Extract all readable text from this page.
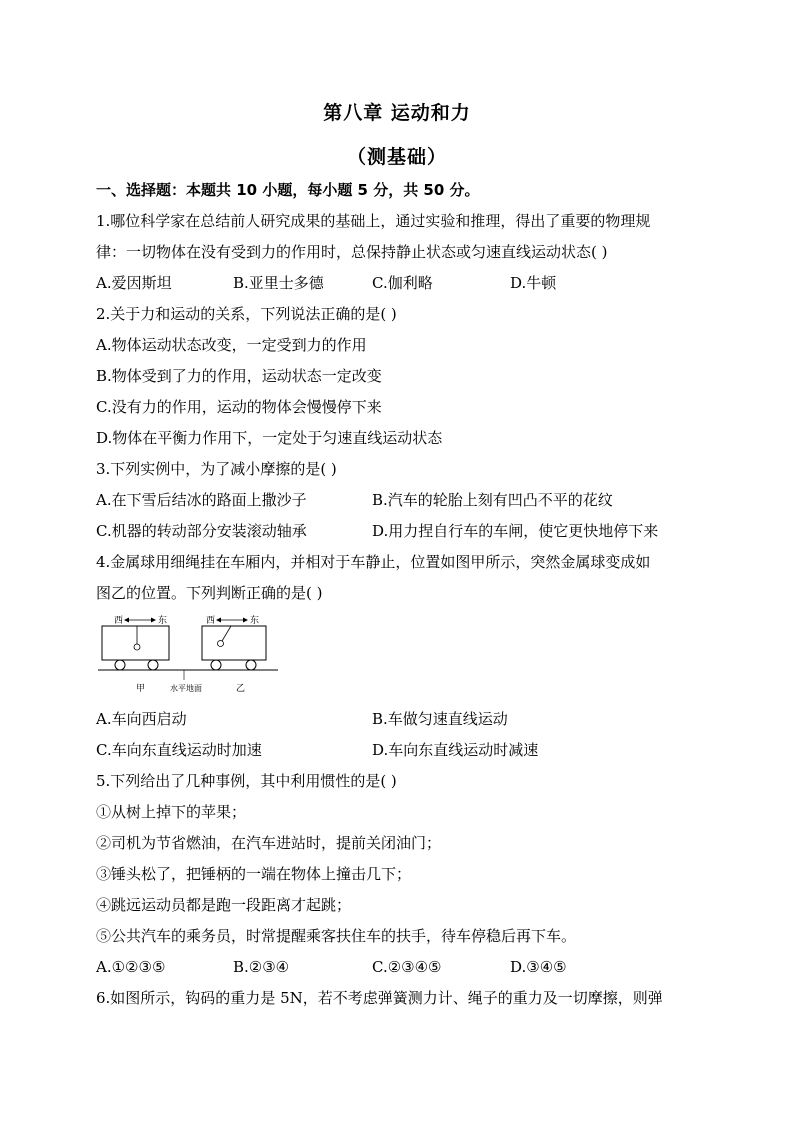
第八章 运动和力
（测基础）
一、选择题：本题共 10 小题，每小题 5 分，共 50 分。
1.哪位科学家在总结前人研究成果的基础上，通过实验和推理，得出了重要的物理规
律：一切物体在没有受到力的作用时，总保持静止状态或匀速直线运动状态( )
A.爱因斯坦	B.亚里士多德	C.伽利略	D.牛顿
2.关于力和运动的关系，下列说法正确的是( )
A.物体运动状态改变，一定受到力的作用
B.物体受到了力的作用，运动状态一定改变
C.没有力的作用，运动的物体会慢慢停下来
D.物体在平衡力作用下，一定处于匀速直线运动状态
3.下列实例中，为了减小摩擦的是( )
A.在下雪后结冰的路面上撒沙子	B.汽车的轮胎上刻有凹凸不平的花纹
C.机器的转动部分安装滚动轴承	D.用力捏自行车的车闸，使它更快地停下来
4.金属球用细绳挂在车厢内，并相对于车静止，位置如图甲所示，突然金属球变成如
图乙的位置。下列判断正确的是( )
西	东	西	东
甲	水平地面	乙
A.车向西启动	B.车做匀速直线运动
C.车向东直线运动时加速	D.车向东直线运动时减速
5.下列给出了几种事例，其中利用惯性的是( )
①从树上掉下的苹果；
②司机为节省燃油，在汽车进站时，提前关闭油门；
③锤头松了，把锤柄的一端在物体上撞击几下；
④跳远运动员都是跑一段距离才起跳；
⑤公共汽车的乘务员，时常提醒乘客扶住车的扶手，待车停稳后再下车。
A.①②③⑤	B.②③④	C.②③④⑤	D.③④⑤
6.如图所示，钩码的重力是 5N，若不考虑弹簧测力计、绳子的重力及一切摩擦，则弹
